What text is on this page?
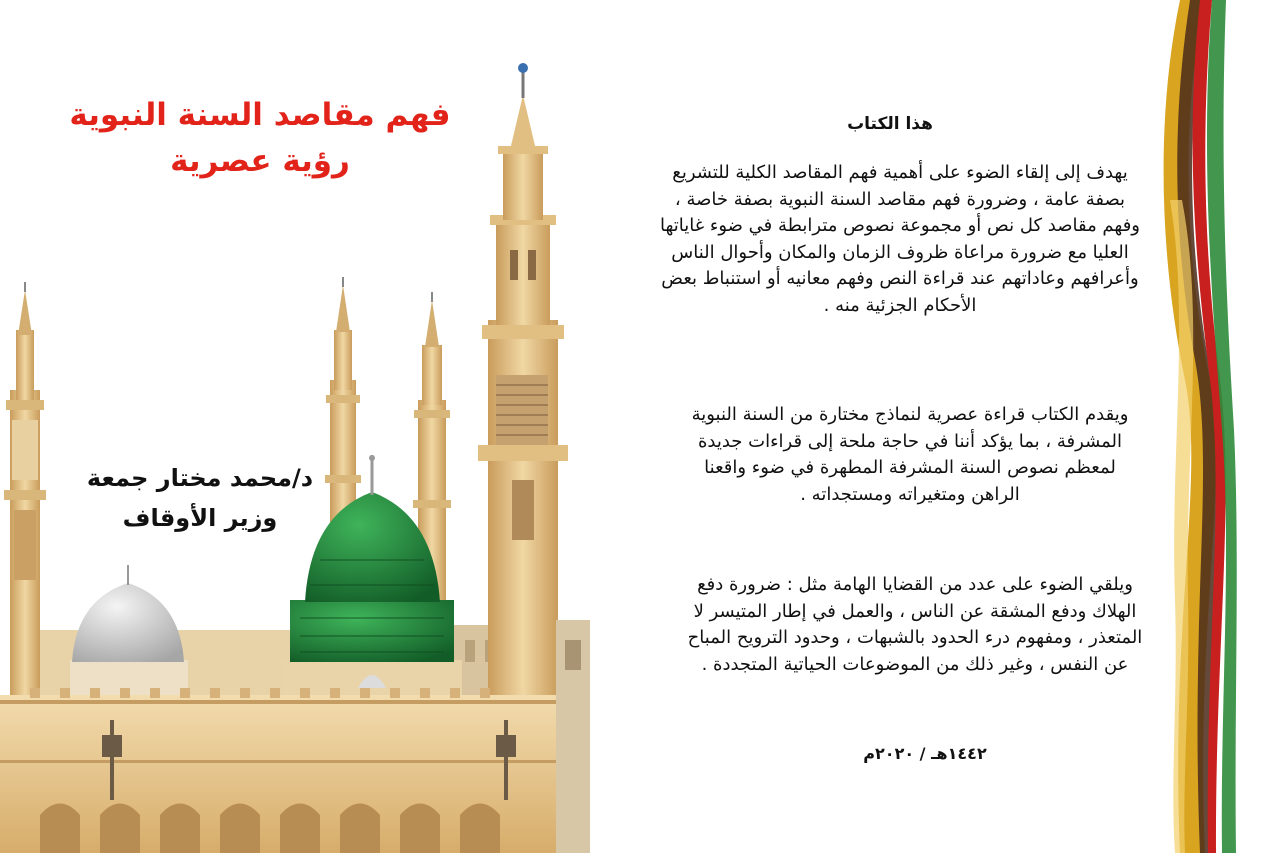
فهم مقاصد السنة النبوية
رؤية عصرية
د/محمد مختار جمعة
وزير الأوقاف
هذا الكتاب
يهدف إلى إلقاء الضوء على أهمية فهم المقاصد الكلية للتشريع بصفة عامة ، وضرورة فهم مقاصد السنة النبوية بصفة خاصة ، وفهم مقاصد كل نص أو مجموعة نصوص مترابطة في ضوء غاياتها العليا مع ضرورة مراعاة ظروف الزمان والمكان وأحوال الناس وأعرافهم وعاداتهم عند قراءة النص وفهم معانيه أو استنباط بعض الأحكام الجزئية منه .
ويقدم الكتاب قراءة عصرية لنماذج مختارة من السنة النبوية المشرفة ، بما يؤكد أننا في حاجة ملحة إلى قراءات جديدة لمعظم نصوص السنة المشرفة المطهرة في ضوء واقعنا الراهن ومتغيراته ومستجداته .
ويلقي الضوء على عدد من القضايا الهامة مثل : ضرورة دفع الهلاك ودفع المشقة عن الناس ، والعمل في إطار المتيسر لا المتعذر ، ومفهوم درء الحدود بالشبهات ، وحدود الترويح المباح عن النفس ، وغير ذلك من الموضوعات الحياتية المتجددة .
١٤٤٢هـ / ٢٠٢٠م
